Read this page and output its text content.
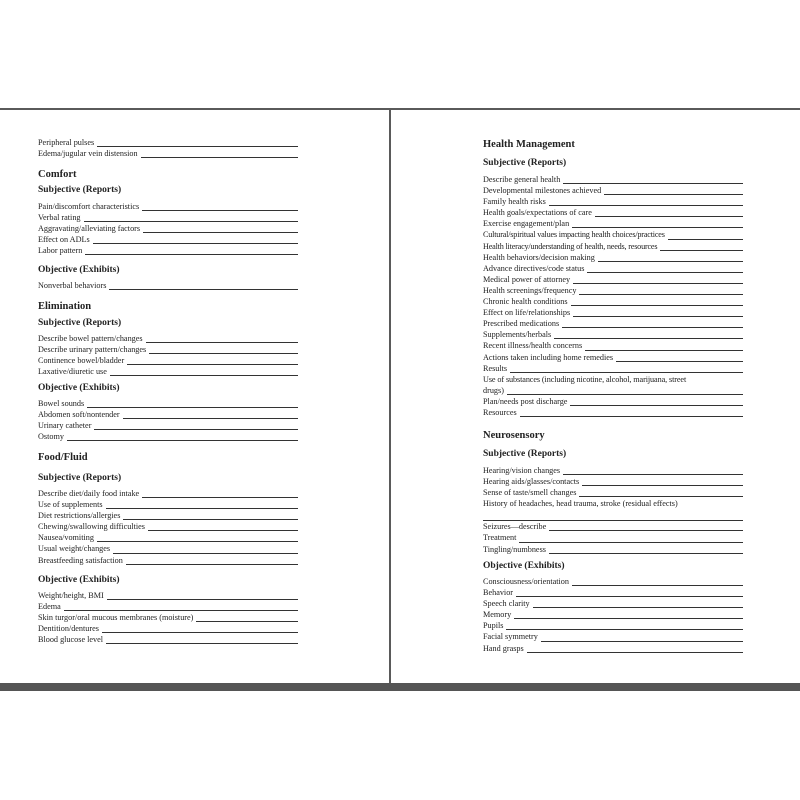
Peripheral pulses
Edema/jugular vein distension
Comfort
Subjective (Reports)
Pain/discomfort characteristics
Verbal rating
Aggravating/alleviating factors
Effect on ADLs
Labor pattern
Objective (Exhibits)
Nonverbal behaviors
Elimination
Subjective (Reports)
Describe bowel pattern/changes
Describe urinary pattern/changes
Continence bowel/bladder
Laxative/diuretic use
Objective (Exhibits)
Bowel sounds
Abdomen soft/nontender
Urinary catheter
Ostomy
Food/Fluid
Subjective (Reports)
Describe diet/daily food intake
Use of supplements
Diet restrictions/allergies
Chewing/swallowing difficulties
Nausea/vomiting
Usual weight/changes
Breastfeeding satisfaction
Objective (Exhibits)
Weight/height, BMI
Edema
Skin turgor/oral mucous membranes (moisture)
Dentition/dentures
Blood glucose level
Health Management
Subjective (Reports)
Describe general health
Developmental milestones achieved
Family health risks
Health goals/expectations of care
Exercise engagement/plan
Cultural/spiritual values impacting health choices/practices
Health literacy/understanding of health, needs, resources
Health behaviors/decision making
Advance directives/code status
Medical power of attorney
Health screenings/frequency
Chronic health conditions
Effect on life/relationships
Prescribed medications
Supplements/herbals
Recent illness/health concerns
Actions taken including home remedies
Results
Use of substances (including nicotine, alcohol, marijuana, street
drugs)
Plan/needs post discharge
Resources
Neurosensory
Subjective (Reports)
Hearing/vision changes
Hearing aids/glasses/contacts
Sense of taste/smell changes
History of headaches, head trauma, stroke (residual effects)
Seizures—describe
Treatment
Tingling/numbness
Objective (Exhibits)
Consciousness/orientation
Behavior
Speech clarity
Memory
Pupils
Facial symmetry
Hand grasps
